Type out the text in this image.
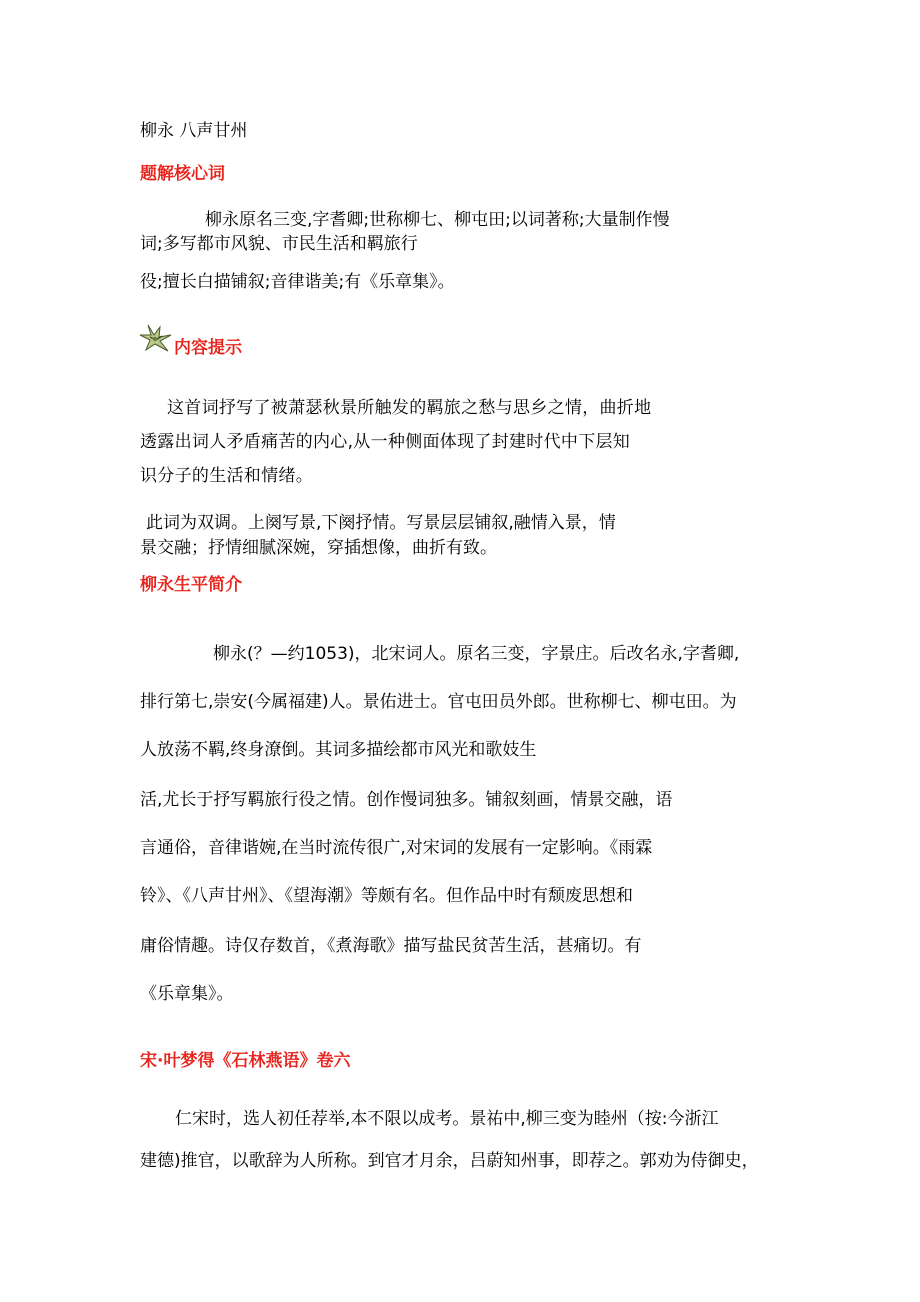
柳永 八声甘州
题解核心词
柳永原名三变,字耆卿;世称柳七、柳屯田;以词著称;大量制作慢
词;多写都市风貌、市民生活和羁旅行
役;擅长白描铺叙;音律谐美;有《乐章集》。
内容提示
这首词抒写了被萧瑟秋景所触发的羁旅之愁与思乡之情，曲折地
透露出词人矛盾痛苦的内心,从一种侧面体现了封建时代中下层知
识分子的生活和情绪。
此词为双调。上阕写景,下阕抒情。写景层层铺叙,融情入景，情
景交融；抒情细腻深婉，穿插想像，曲折有致。
柳永生平简介
柳永(？—约1053)，北宋词人。原名三变，字景庄。后改名永,字耆卿,
排行第七,崇安(今属福建)人。景佑进士。官屯田员外郎。世称柳七、柳屯田。为
人放荡不羁,终身潦倒。其词多描绘都市风光和歌妓生
活,尤长于抒写羁旅行役之情。创作慢词独多。铺叙刻画，情景交融，语
言通俗，音律谐婉,在当时流传很广,对宋词的发展有一定影响。《雨霖
铃》、《八声甘州》、《望海潮》等颇有名。但作品中时有颓废思想和
庸俗情趣。诗仅存数首，《煮海歌》描写盐民贫苦生活，甚痛切。有
《乐章集》。
宋·叶梦得《石林燕语》卷六
仁宋时，选人初任荐举,本不限以成考。景祐中,柳三变为睦州（按:今浙江
建德)推官，以歌辞为人所称。到官才月余，吕蔚知州事，即荐之。郭劝为侍御史，
